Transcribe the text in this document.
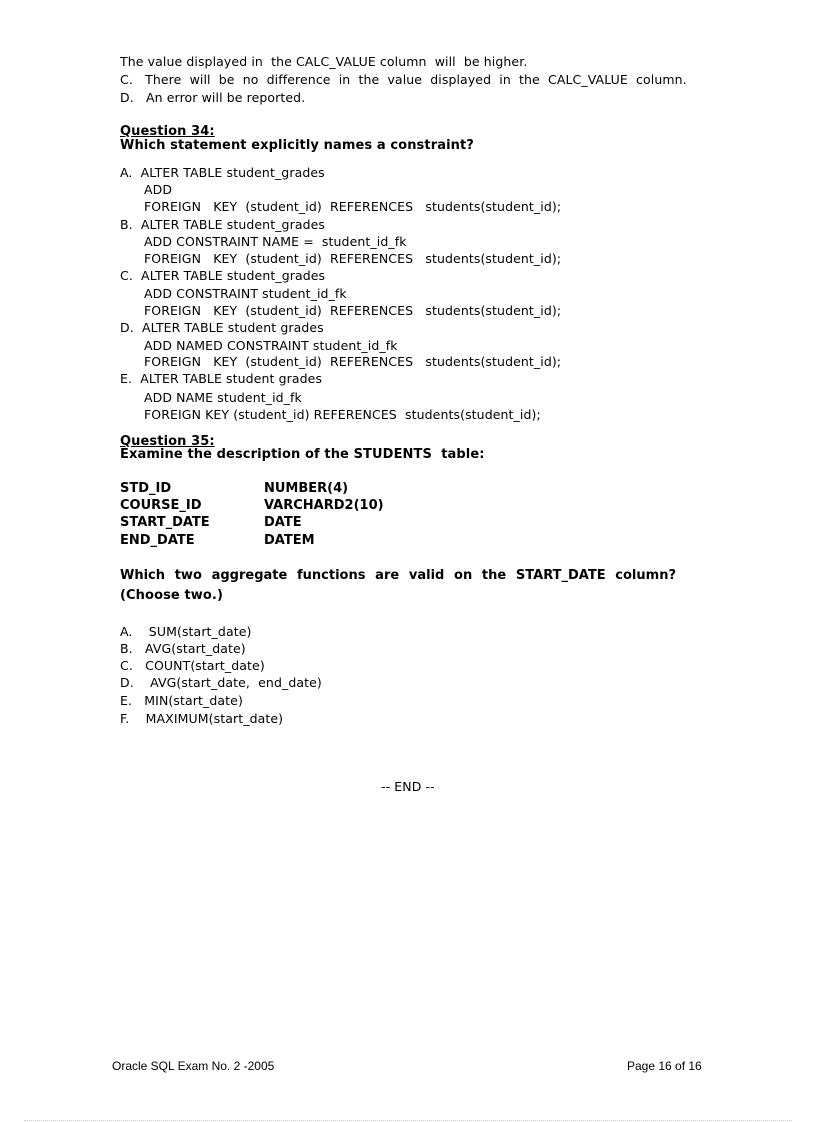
The value displayed in  the CALC_VALUE column  will  be higher.
C.   There  will  be  no  difference  in  the  value  displayed  in  the  CALC_VALUE  column.
D.   An error will be reported.
Question 34:
Which statement explicitly names a constraint?
A.  ALTER TABLE student_grades
ADD
FOREIGN   KEY  (student_id)  REFERENCES   students(student_id);
B.  ALTER TABLE student_grades
ADD CONSTRAINT NAME =  student_id_fk
FOREIGN   KEY  (student_id)  REFERENCES   students(student_id);
C.  ALTER TABLE student_grades
ADD CONSTRAINT student_id_fk
FOREIGN   KEY  (student_id)  REFERENCES   students(student_id);
D.  ALTER TABLE student grades
ADD NAMED CONSTRAINT student_id_fk
FOREIGN   KEY  (student_id)  REFERENCES   students(student_id);
E.  ALTER TABLE student grades
ADD NAME student_id_fk
FOREIGN KEY (student_id) REFERENCES  students(student_id);
Question 35:
Examine the description of the STUDENTS  table:
STD_ID	NUMBER(4)
COURSE_ID	VARCHARD2(10)
START_DATE	DATE
END_DATE	DATEM
Which two aggregate functions are valid on the START_DATE column?
(Choose two.)
A.    SUM(start_date)
B.   AVG(start_date)
C.   COUNT(start_date)
D.    AVG(start_date,  end_date)
E.   MIN(start_date)
F.    MAXIMUM(start_date)
-- END --
Oracle SQL Exam No. 2 -2005	Page 16 of 16
